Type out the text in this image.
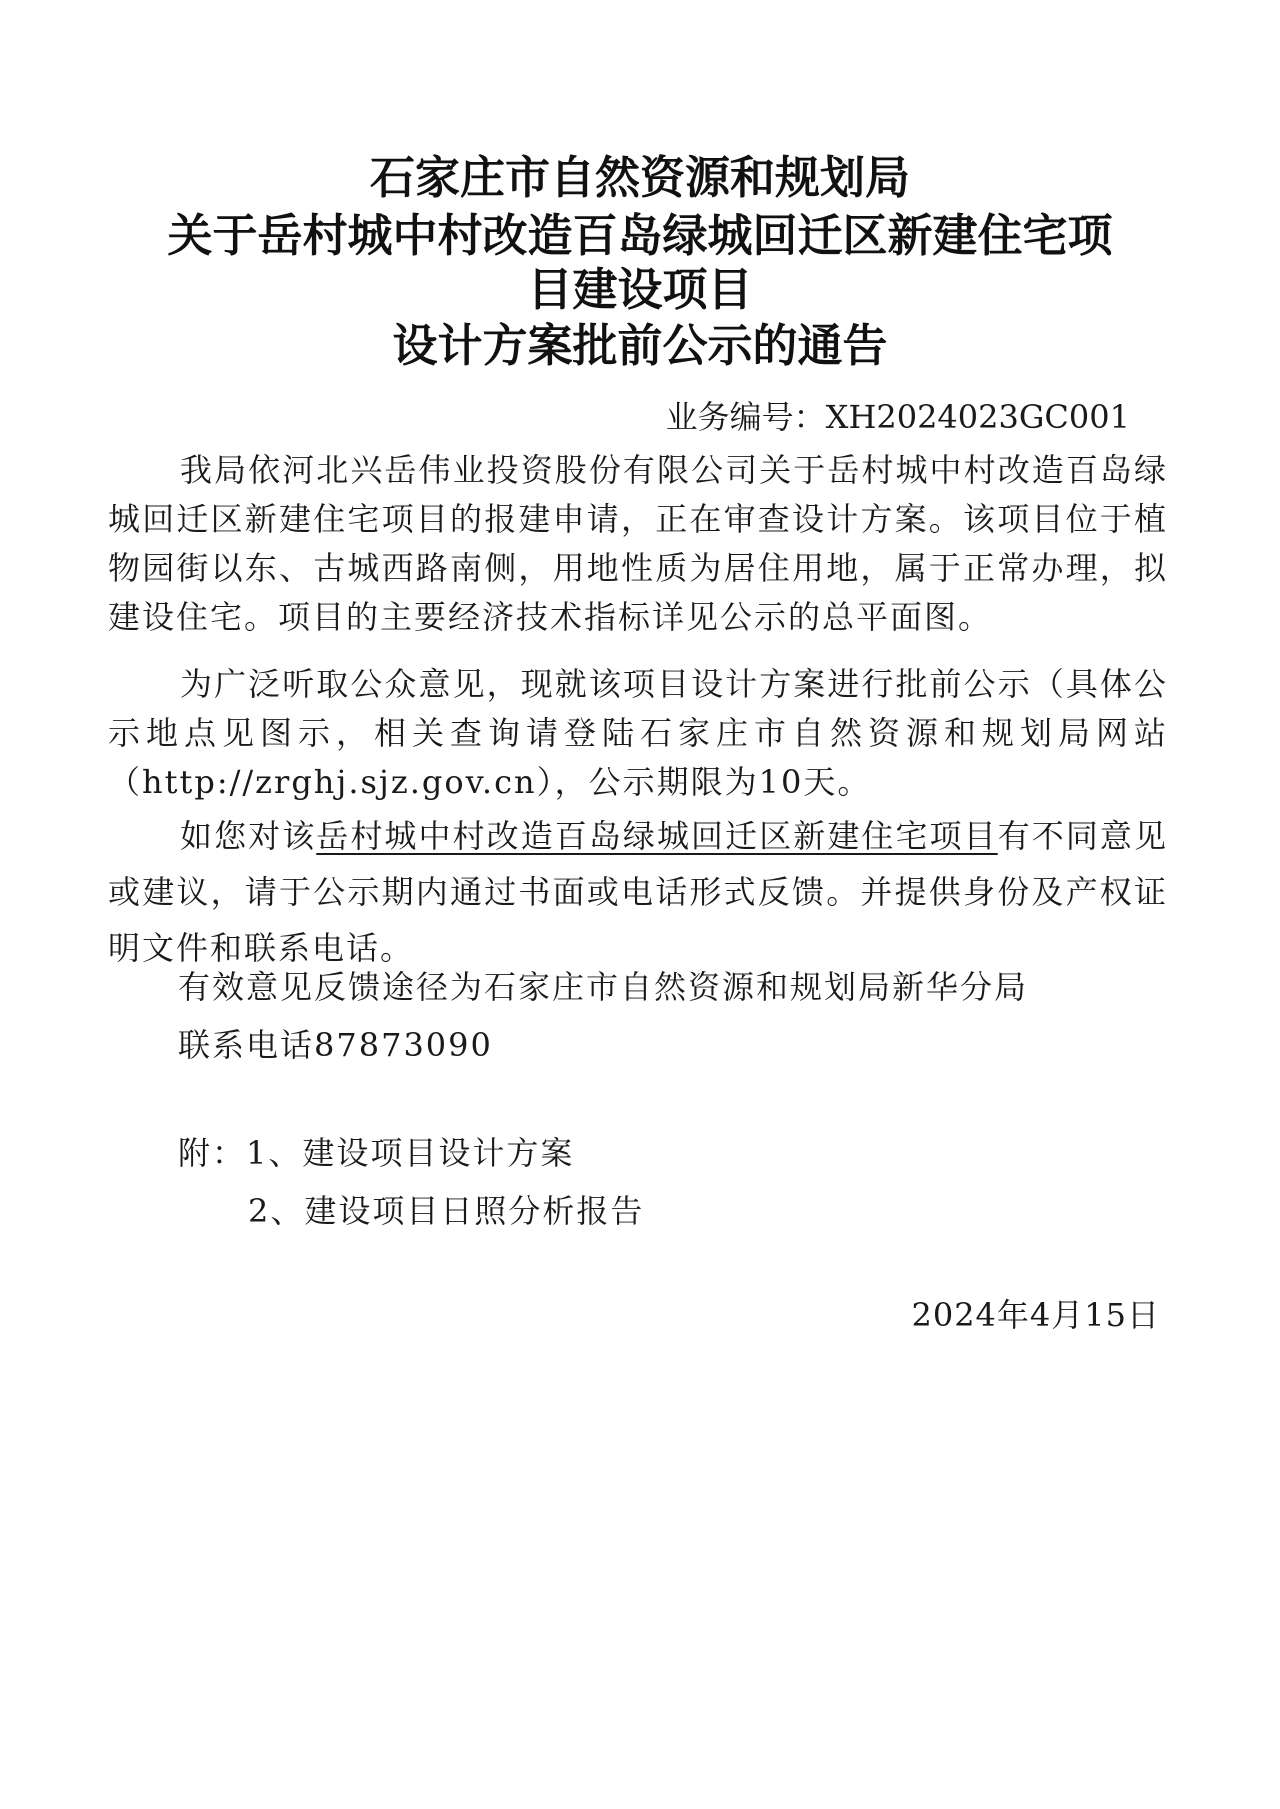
石家庄市自然资源和规划局
关于岳村城中村改造百岛绿城回迁区新建住宅项
目建设项目
设计方案批前公示的通告
业务编号：XH2024023GC001
我局依河北兴岳伟业投资股份有限公司关于岳村城中村改造百岛绿城回迁区新建住宅项目的报建申请，正在审查设计方案。该项目位于植物园街以东、古城西路南侧，用地性质为居住用地，属于正常办理，拟建设住宅。项目的主要经济技术指标详见公示的总平面图。
为广泛听取公众意见，现就该项目设计方案进行批前公示（具体公示地点见图示，相关查询请登陆石家庄市自然资源和规划局网站（http://zrghj.sjz.gov.cn），公示期限为10天。
如您对该岳村城中村改造百岛绿城回迁区新建住宅项目有不同意见或建议，请于公示期内通过书面或电话形式反馈。并提供身份及产权证明文件和联系电话。
有效意见反馈途径为石家庄市自然资源和规划局新华分局
联系电话87873090
附：1、建设项目设计方案
2、建设项目日照分析报告
2024年4月15日
